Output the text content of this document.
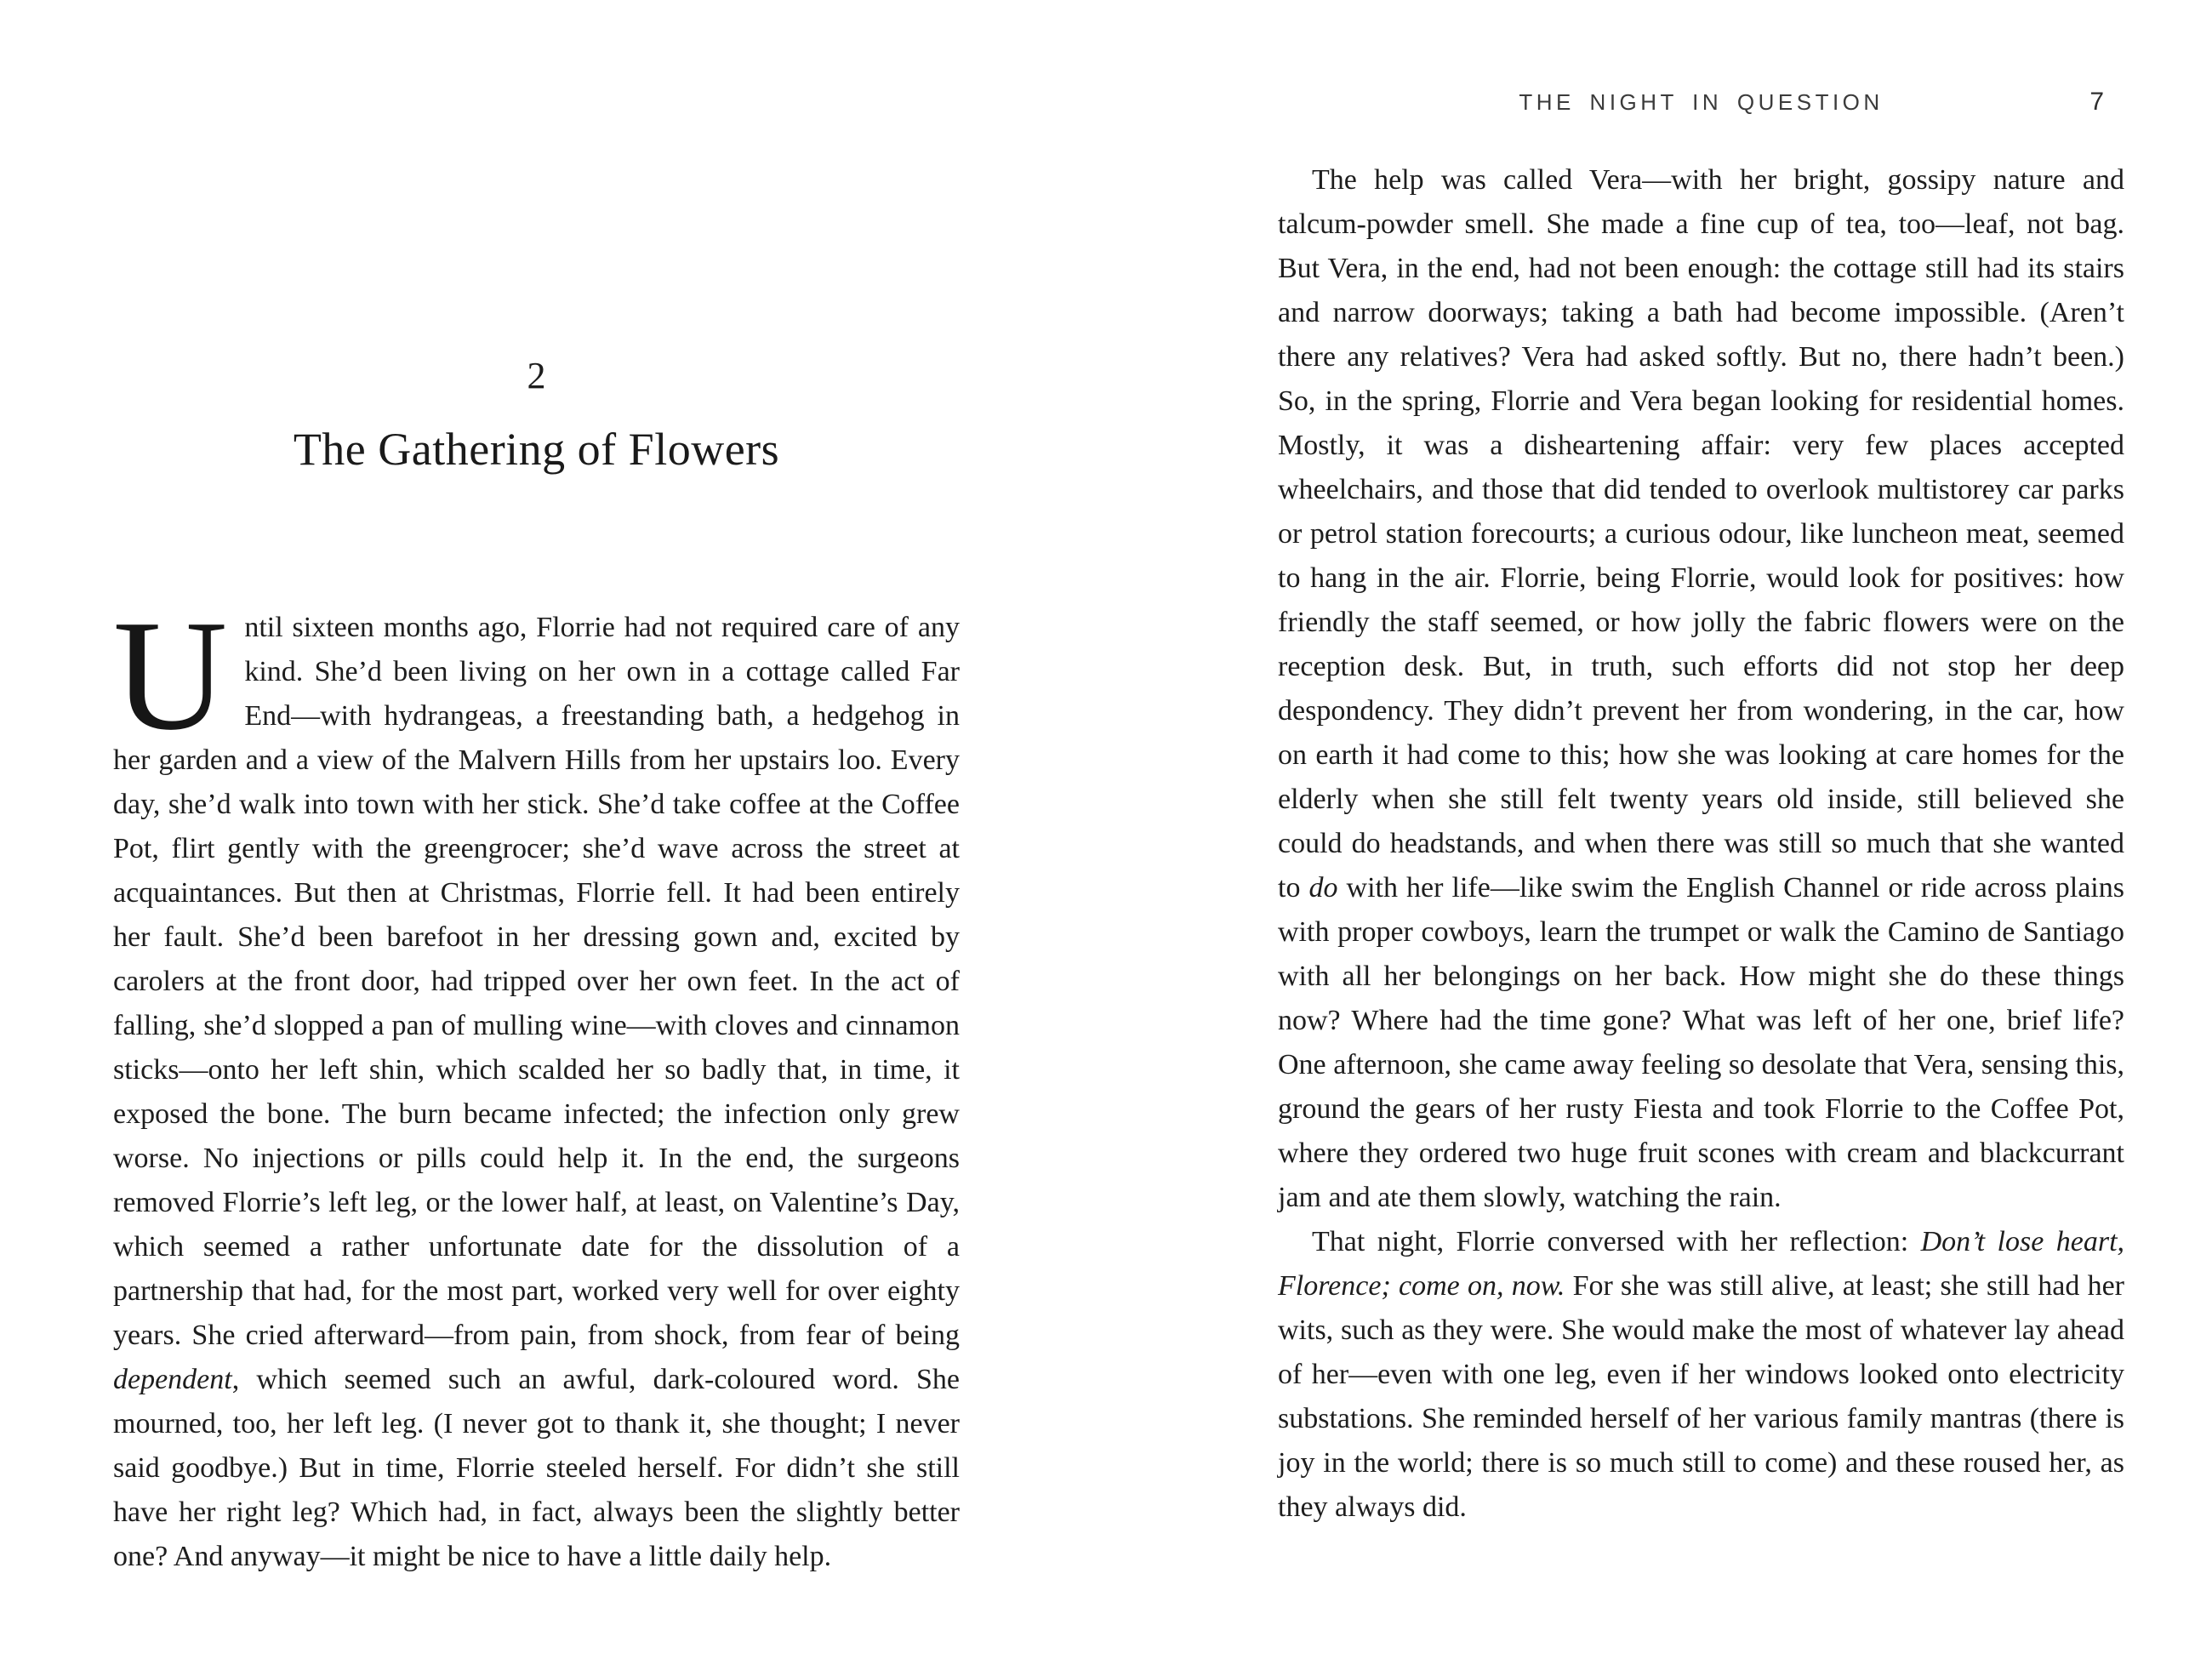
2
The Gathering of Flowers

Until sixteen months ago, Florrie had not required care of any kind. She’d been living on her own in a cottage called Far End—with hydrangeas, a freestanding bath, a hedgehog in her garden and a view of the Malvern Hills from her upstairs loo. Every day, she’d walk into town with her stick. She’d take coffee at the Coffee Pot, flirt gently with the greengrocer; she’d wave across the street at acquaintances. But then at Christmas, Florrie fell. It had been entirely her fault. She’d been barefoot in her dressing gown and, excited by carolers at the front door, had tripped over her own feet. In the act of falling, she’d slopped a pan of mulling wine—with cloves and cinnamon sticks—onto her left shin, which scalded her so badly that, in time, it exposed the bone. The burn became infected; the infection only grew worse. No injections or pills could help it. In the end, the surgeons removed Florrie’s left leg, or the lower half, at least, on Valentine’s Day, which seemed a rather unfortunate date for the dissolution of a partnership that had, for the most part, worked very well for over eighty years. She cried afterward—from pain, from shock, from fear of being dependent, which seemed such an awful, dark-coloured word. She mourned, too, her left leg. (I never got to thank it, she thought; I never said goodbye.) But in time, Florrie steeled herself. For didn’t she still have her right leg? Which had, in fact, always been the slightly better one? And anyway—it might be nice to have a little daily help.

THE NIGHT IN QUESTION	7

The help was called Vera—with her bright, gossipy nature and talcum-powder smell. She made a fine cup of tea, too—leaf, not bag. But Vera, in the end, had not been enough: the cottage still had its stairs and narrow doorways; taking a bath had become impossible. (Aren’t there any relatives? Vera had asked softly. But no, there hadn’t been.) So, in the spring, Florrie and Vera began looking for residential homes. Mostly, it was a disheartening affair: very few places accepted wheelchairs, and those that did tended to overlook multistorey car parks or petrol station forecourts; a curious odour, like luncheon meat, seemed to hang in the air. Florrie, being Florrie, would look for positives: how friendly the staff seemed, or how jolly the fabric flowers were on the reception desk. But, in truth, such efforts did not stop her deep despondency. They didn’t prevent her from wondering, in the car, how on earth it had come to this; how she was looking at care homes for the elderly when she still felt twenty years old inside, still believed she could do headstands, and when there was still so much that she wanted to do with her life—like swim the English Channel or ride across plains with proper cowboys, learn the trumpet or walk the Camino de Santiago with all her belongings on her back. How might she do these things now? Where had the time gone? What was left of her one, brief life? One afternoon, she came away feeling so desolate that Vera, sensing this, ground the gears of her rusty Fiesta and took Florrie to the Coffee Pot, where they ordered two huge fruit scones with cream and blackcurrant jam and ate them slowly, watching the rain.

That night, Florrie conversed with her reflection: Don’t lose heart, Florence; come on, now. For she was still alive, at least; she still had her wits, such as they were. She would make the most of whatever lay ahead of her—even with one leg, even if her windows looked onto electricity substations. She reminded herself of her various family mantras (there is joy in the world; there is so much still to come) and these roused her, as they always did.
